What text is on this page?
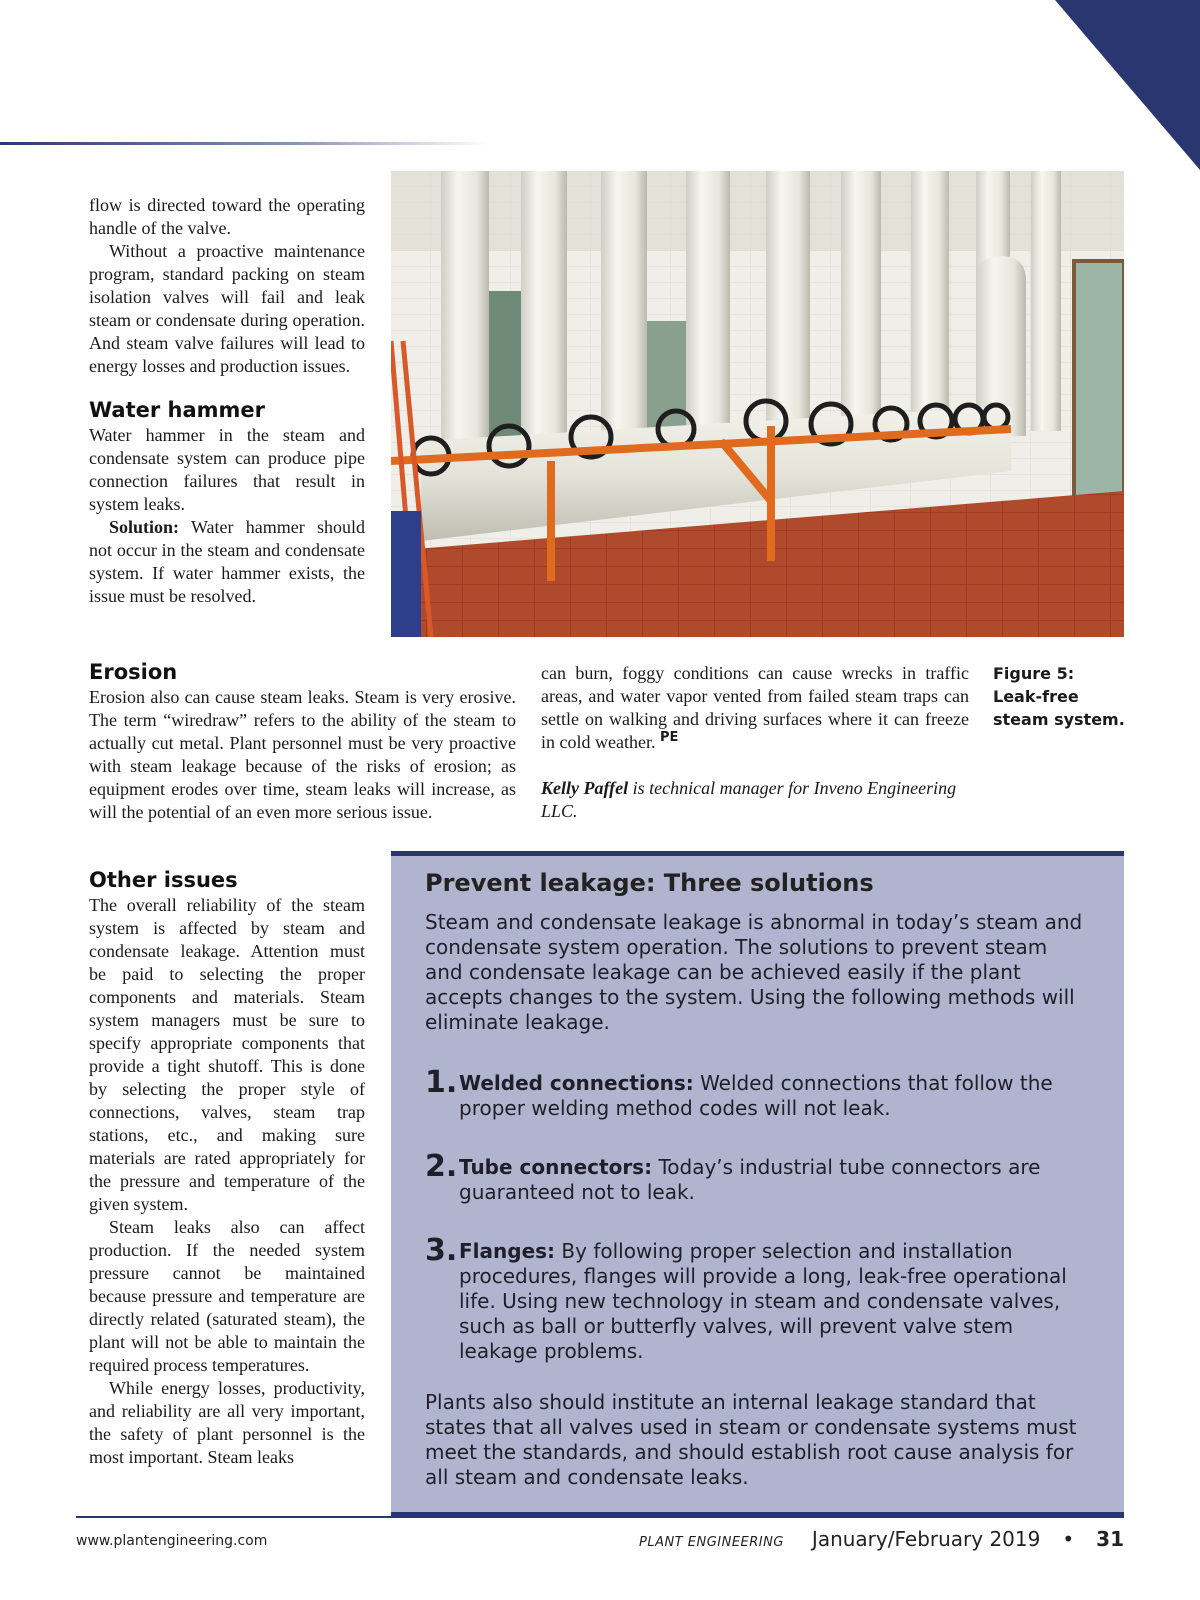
flow is directed toward the operating handle of the valve.

Without a proactive maintenance program, standard packing on steam isolation valves will fail and leak steam or condensate during operation. And steam valve failures will lead to energy losses and production issues.

Water hammer

Water hammer in the steam and condensate system can produce pipe connection failures that result in system leaks.

Solution: Water hammer should not occur in the steam and condensate system. If water hammer exists, the issue must be resolved.

Erosion

Erosion also can cause steam leaks. Steam is very erosive. The term “wiredraw” refers to the ability of the steam to actually cut metal. Plant personnel must be very proactive with steam leakage because of the risks of erosion; as equipment erodes over time, steam leaks will increase, as will the potential of an even more serious issue.

can burn, foggy conditions can cause wrecks in traffic areas, and water vapor vented from failed steam traps can settle on walking and driving surfaces where it can freeze in cold weather. $^{PE}$

Kelly Paffel is technical manager for Inveno Engineering LLC.

Figure 5:
Leak-free
steam system.
Other issues

The overall reliability of the steam system is affected by steam and condensate leakage. Attention must be paid to selecting the proper components and materials. Steam system managers must be sure to specify appropriate components that provide a tight shutoff. This is done by selecting the proper style of connections, valves, steam trap stations, etc., and making sure materials are rated appropriately for the pressure and temperature of the given system.

Steam leaks also can affect production. If the needed system pressure cannot be maintained because pressure and temperature are directly related (saturated steam), the plant will not be able to maintain the required process temperatures.

While energy losses, productivity, and reliability are all very important, the safety of plant personnel is the most important. Steam leaks

Prevent leakage: Three solutions

Steam and condensate leakage is abnormal in today’s steam and condensate system operation. The solutions to prevent steam and condensate leakage can be achieved easily if the plant accepts changes to the system. Using the following methods will eliminate leakage.

1. Welded connections: Welded connections that follow the proper welding method codes will not leak.
2. Tube connectors: Today’s industrial tube connectors are guaranteed not to leak.
3. Flanges: By following proper selection and installation procedures, flanges will provide a long, leak-free operational life. Using new technology in steam and condensate valves, such as ball or butterfly valves, will prevent valve stem leakage problems.

Plants also should institute an internal leakage standard that states that all valves used in steam or condensate systems must meet the standards, and should establish root cause analysis for all steam and condensate leaks.

www.plantengineering.com	PLANT ENGINEERING January/February 2019 • 31
